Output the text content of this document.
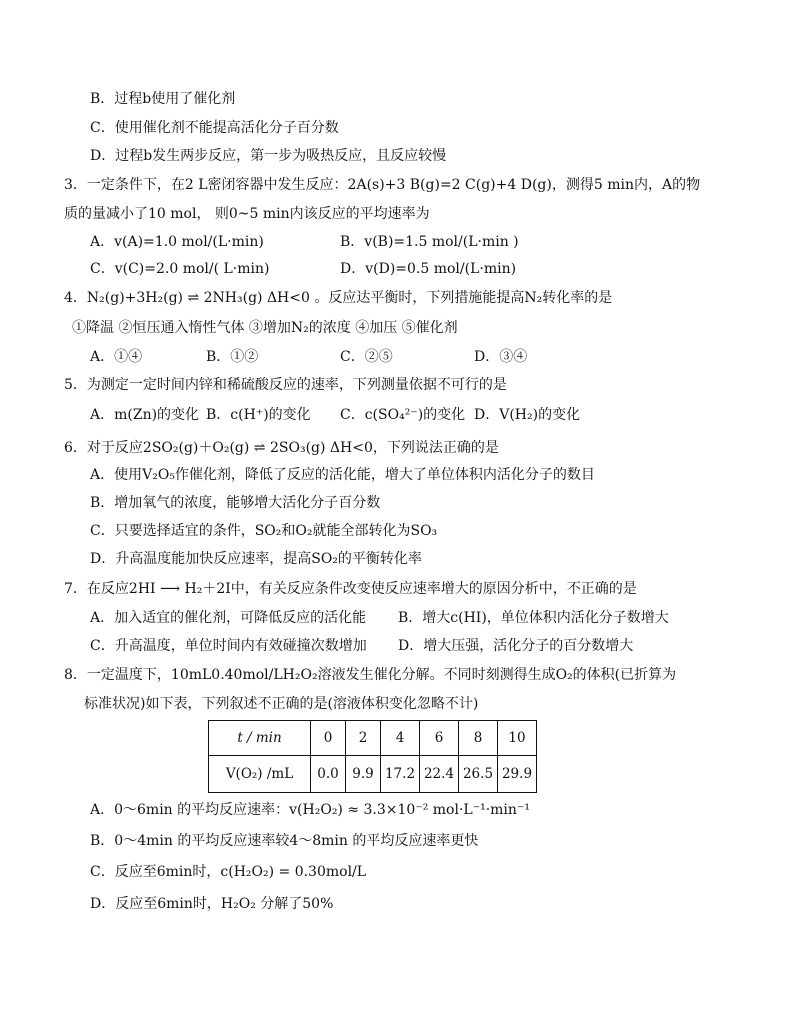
B．过程b使用了催化剂
C．使用催化剂不能提高活化分子百分数
D．过程b发生两步反应，第一步为吸热反应，且反应较慢
3．一定条件下，在2 L密闭容器中发生反应：2A(s)+3 B(g)=2 C(g)+4 D(g)，测得5 min内，A的物
质的量减小了10 mol， 则0~5 min内该反应的平均速率为
A．v(A)=1.0 mol/(L·min)	B．v(B)=1.5 mol/(L·min )
C．v(C)=2.0 mol/( L·min)	D．v(D)=0.5 mol/(L·min)
4．N₂(g)+3H₂(g) ⇌ 2NH₃(g) ΔH<0 。反应达平衡时，下列措施能提高N₂转化率的是
①降温 ②恒压通入惰性气体 ③增加N₂的浓度 ④加压 ⑤催化剂
A．①④	B．①②	C．②⑤	D．③④
5．为测定一定时间内锌和稀硫酸反应的速率，下列测量依据不可行的是
A．m(Zn)的变化 B．c(H⁺)的变化 C．c(SO₄²⁻)的变化 D．V(H₂)的变化
6．对于反应2SO₂(g)＋O₂(g) ⇌ 2SO₃(g) ΔH<0，下列说法正确的是
A．使用V₂O₅作催化剂，降低了反应的活化能，增大了单位体积内活化分子的数目
B．增加氧气的浓度，能够增大活化分子百分数
C．只要选择适宜的条件，SO₂和O₂就能全部转化为SO₃
D．升高温度能加快反应速率，提高SO₂的平衡转化率
7．在反应2HI ⟶ H₂＋2I中，有关反应条件改变使反应速率增大的原因分析中，不正确的是
A．加入适宜的催化剂，可降低反应的活化能 B．增大c(HI)，单位体积内活化分子数增大
C．升高温度，单位时间内有效碰撞次数增加 D．增大压强，活化分子的百分数增大
8．一定温度下，10mL0.40mol/LH₂O₂溶液发生催化分解。不同时刻测得生成O₂的体积(已折算为
标准状况)如下表，下列叙述不正确的是(溶液体积变化忽略不计)
t / min	0	2	4	6	8	10
V(O₂) /mL	0.0	9.9	17.2	22.4	26.5	29.9
A．0～6min 的平均反应速率：v(H₂O₂) ≈ 3.3×10⁻² mol·L⁻¹·min⁻¹
B．0～4min 的平均反应速率较4～8min 的平均反应速率更快
C．反应至6min时，c(H₂O₂) = 0.30mol/L
D．反应至6min时，H₂O₂ 分解了50%
